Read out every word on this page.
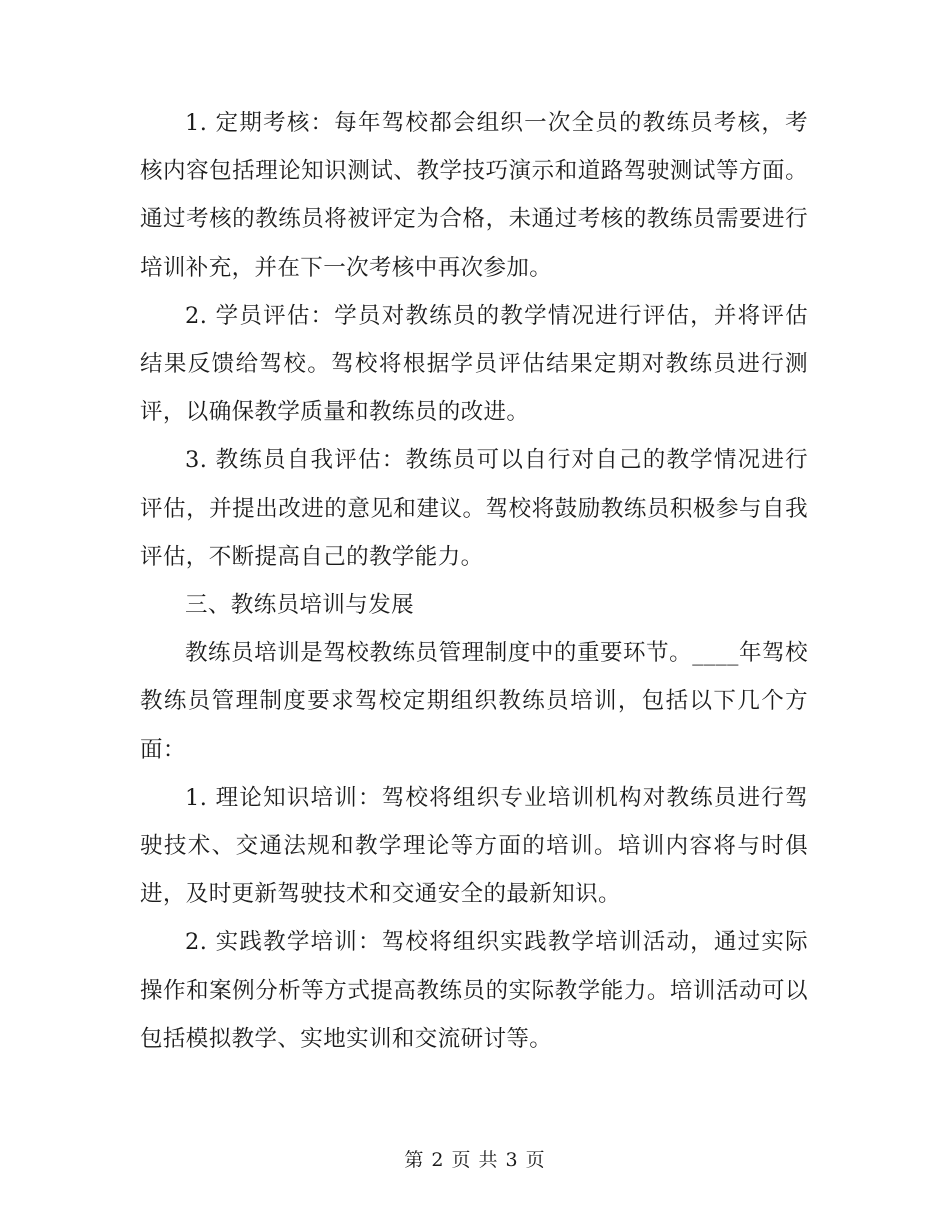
1. 定期考核：每年驾校都会组织一次全员的教练员考核，考核内容包括理论知识测试、教学技巧演示和道路驾驶测试等方面。通过考核的教练员将被评定为合格，未通过考核的教练员需要进行培训补充，并在下一次考核中再次参加。

2. 学员评估：学员对教练员的教学情况进行评估，并将评估结果反馈给驾校。驾校将根据学员评估结果定期对教练员进行测评，以确保教学质量和教练员的改进。

3. 教练员自我评估：教练员可以自行对自己的教学情况进行评估，并提出改进的意见和建议。驾校将鼓励教练员积极参与自我评估，不断提高自己的教学能力。

三、教练员培训与发展

教练员培训是驾校教练员管理制度中的重要环节。____年驾校教练员管理制度要求驾校定期组织教练员培训，包括以下几个方面：

1. 理论知识培训：驾校将组织专业培训机构对教练员进行驾驶技术、交通法规和教学理论等方面的培训。培训内容将与时俱进，及时更新驾驶技术和交通安全的最新知识。

2. 实践教学培训：驾校将组织实践教学培训活动，通过实际操作和案例分析等方式提高教练员的实际教学能力。培训活动可以包括模拟教学、实地实训和交流研讨等。

第 2 页 共 3 页
